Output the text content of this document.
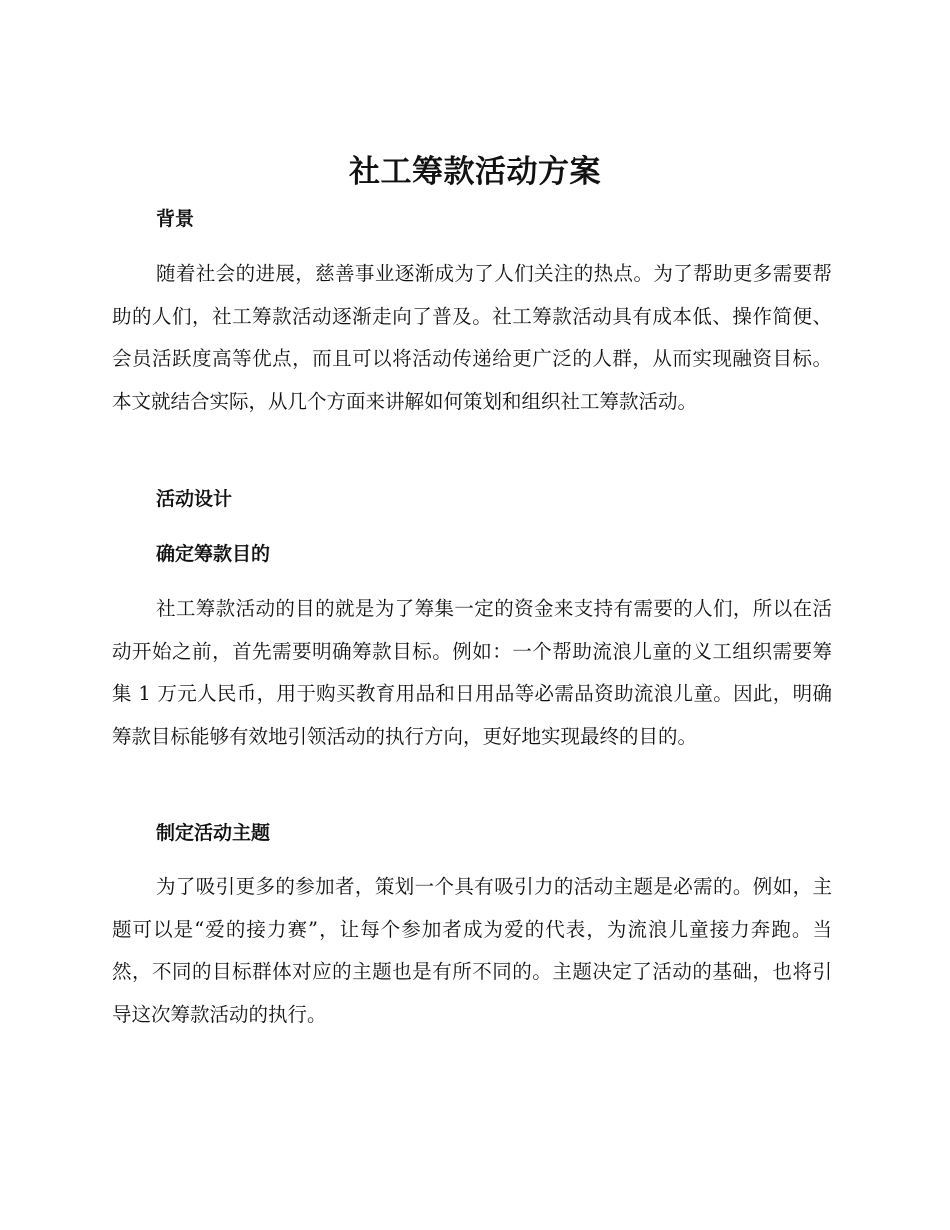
社工筹款活动方案
背景

随着社会的进展，慈善事业逐渐成为了人们关注的热点。为了帮助更多需要帮助的人们，社工筹款活动逐渐走向了普及。社工筹款活动具有成本低、操作简便、会员活跃度高等优点，而且可以将活动传递给更广泛的人群，从而实现融资目标。本文就结合实际，从几个方面来讲解如何策划和组织社工筹款活动。

活动设计
确定筹款目的

社工筹款活动的目的就是为了筹集一定的资金来支持有需要的人们，所以在活动开始之前，首先需要明确筹款目标。例如：一个帮助流浪儿童的义工组织需要筹集 1 万元人民币，用于购买教育用品和日用品等必需品资助流浪儿童。因此，明确筹款目标能够有效地引领活动的执行方向，更好地实现最终的目的。

制定活动主题

为了吸引更多的参加者，策划一个具有吸引力的活动主题是必需的。例如，主题可以是“爱的接力赛”，让每个参加者成为爱的代表，为流浪儿童接力奔跑。当然，不同的目标群体对应的主题也是有所不同的。主题决定了活动的基础，也将引导这次筹款活动的执行。
